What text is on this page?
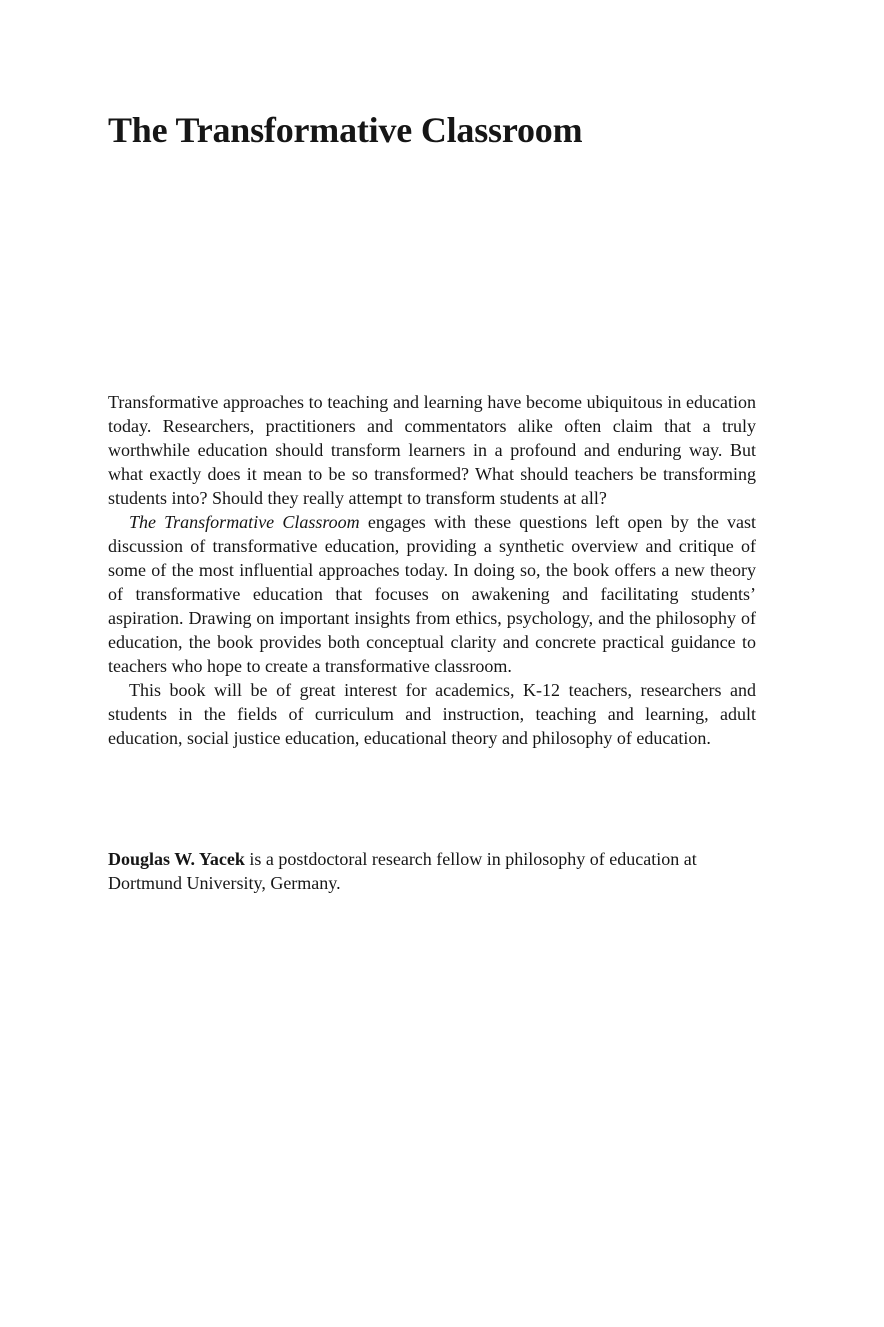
The Transformative Classroom

Transformative approaches to teaching and learning have become ubiquitous in education today. Researchers, practitioners and commentators alike often claim that a truly worthwhile education should transform learners in a profound and enduring way. But what exactly does it mean to be so transformed? What should teachers be transforming students into? Should they really attempt to transform students at all?

The Transformative Classroom engages with these questions left open by the vast discussion of transformative education, providing a synthetic overview and critique of some of the most influential approaches today. In doing so, the book offers a new theory of transformative education that focuses on awakening and facilitating students’ aspiration. Drawing on important insights from ethics, psychology, and the philosophy of education, the book provides both conceptual clarity and concrete practical guidance to teachers who hope to create a transformative classroom.

This book will be of great interest for academics, K-12 teachers, researchers and students in the fields of curriculum and instruction, teaching and learning, adult education, social justice education, educational theory and philosophy of education.

Douglas W. Yacek is a postdoctoral research fellow in philosophy of education at Dortmund University, Germany.
